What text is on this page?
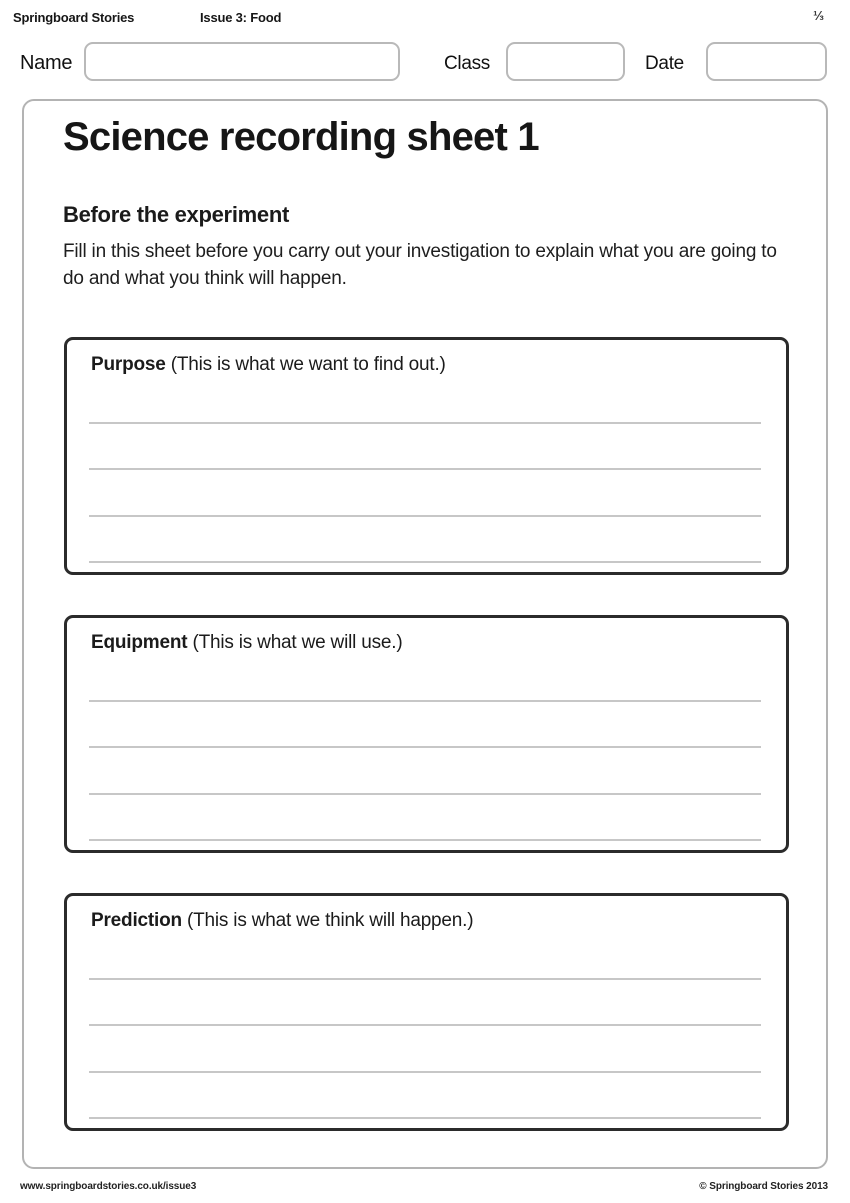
Springboard Stories	Issue 3: Food	⅓
Name	Class	Date
Science recording sheet 1
Before the experiment

Fill in this sheet before you carry out your investigation to explain what you are going to do and what you think will happen.

Purpose (This is what we want to find out.)
Equipment (This is what we will use.)
Prediction (This is what we think will happen.)
www.springboardstories.co.uk/issue3	© Springboard Stories 2013
